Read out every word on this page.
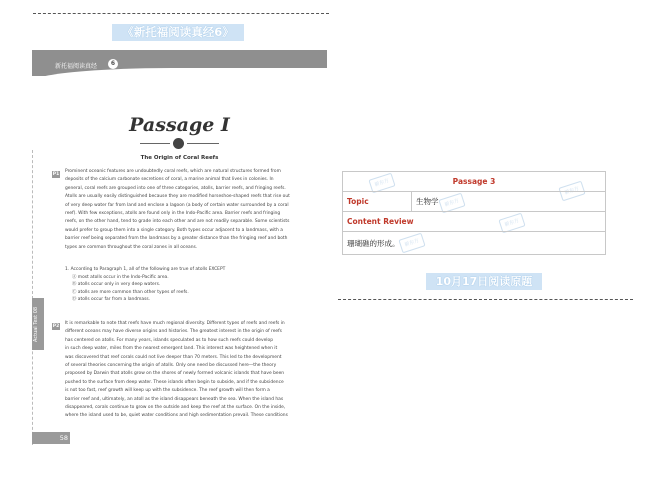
《新托福阅读真经6》
10月17日阅读原题
新托福阅读真经	6
Actual Test 08
Passage I
The Origin of Coral Reefs
P1

Prominent oceanic features are undoubtedly coral reefs, which are natural structures formed from

deposits of the calcium carbonate secretions of coral, a marine animal that lives in colonies. In

general, coral reefs are grouped into one of three categories, atolls, barrier reefs, and fringing reefs.

Atolls are usually easily distinguished because they are modified horseshoe-shaped reefs that rise out

of very deep water far from land and enclose a lagoon (a body of certain water surrounded by a coral

reef). With few exceptions, atolls are found only in the Indo-Pacific area. Barrier reefs and fringing

reefs, on the other hand, tend to grade into each other and are not readily separable. Some scientists

would prefer to group them into a single category. Both types occur adjacent to a landmass, with a

barrier reef being separated from the landmass by a greater distance than the fringing reef and both

types are common throughout the coral zones in all oceans.

1. According to Paragraph 1, all of the following are true of atolls EXCEPT
Ⓐ most atolls occur in the Indo-Pacific area.
Ⓑ atolls occur only in very deep waters.
Ⓒ atolls are more common than other types of reefs.
Ⓓ atolls occur far from a landmass.
P2

It is remarkable to note that reefs have much regional diversity. Different types of reefs and reefs in

different oceans may have diverse origins and histories. The greatest interest in the origin of reefs

has centered on atolls. For many years, islands speculated as to how such reefs could develop

in such deep water, miles from the nearest emergent land. This interest was heightened when it

was discovered that reef corals could not live deeper than 70 meters. This led to the development

of several theories concerning the origin of atolls. Only one need be discussed here—the theory

proposed by Darwin that atolls grow on the shores of newly formed volcanic islands that have been

pushed to the surface from deep water. These islands often begin to subside, and if the subsidence

is not too fast, reef growth will keep up with the subsidence. The reef growth will then form a

barrier reef and, ultimately, an atoll as the island disappears beneath the sea. When the island has

disappeared, corals continue to grow on the outside and keep the reef at the surface. On the inside,

where the island used to be, quiet water conditions and high sedimentation prevail. These conditions

58
新东方
新东方
新东方
新东方
新东方
Passage 3
Topic	生物学
Content Review
珊瑚礁的形成。
